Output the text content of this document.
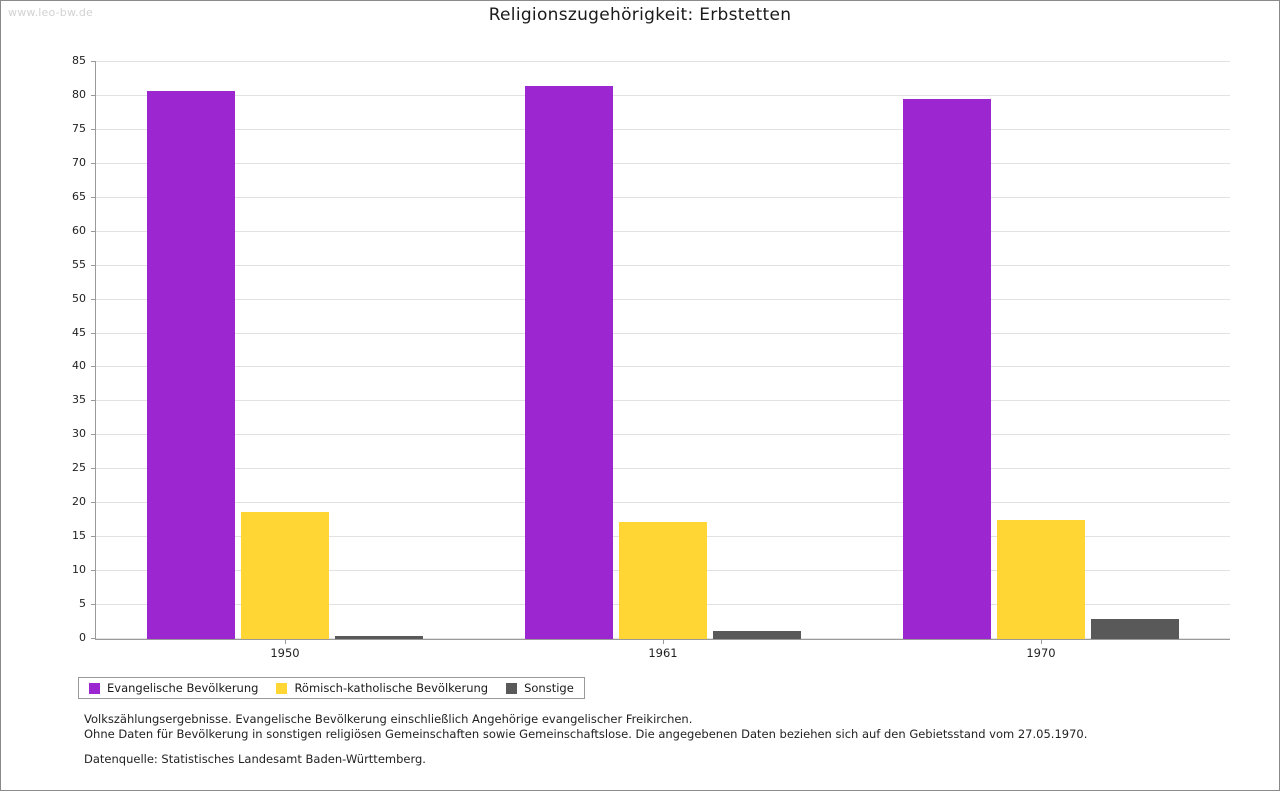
www.leo-bw.de	Religionszugehörigkeit: Erbstetten
0
5
10
15
20
25
30
35
40
45
50
55
60
65
70
75
80
85
1950	1961	1970
Evangelische Bevölkerung	Römisch-katholische Bevölkerung	Sonstige
Volkszählungsergebnisse. Evangelische Bevölkerung einschließlich Angehörige evangelischer Freikirchen.
Ohne Daten für Bevölkerung in sonstigen religiösen Gemeinschaften sowie Gemeinschaftslose. Die angegebenen Daten beziehen sich auf den Gebietsstand vom 27.05.1970.
Datenquelle: Statistisches Landesamt Baden-Württemberg.
